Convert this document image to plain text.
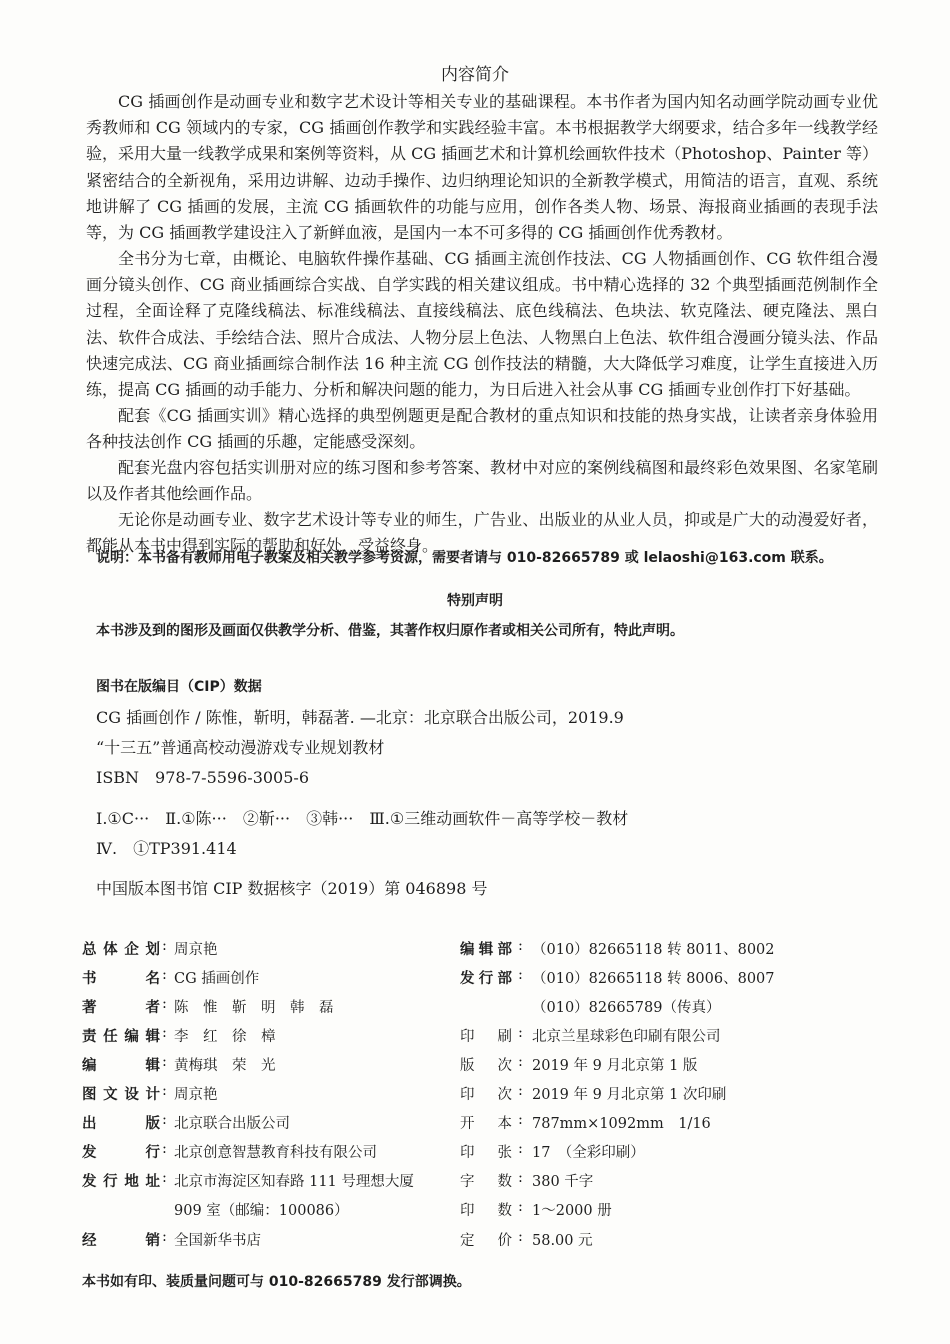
内容简介

CG 插画创作是动画专业和数字艺术设计等相关专业的基础课程。本书作者为国内知名动画学院动画专业优秀教师和 CG 领域内的专家，CG 插画创作教学和实践经验丰富。本书根据教学大纲要求，结合多年一线教学经验，采用大量一线教学成果和案例等资料，从 CG 插画艺术和计算机绘画软件技术（Photoshop、Painter 等）紧密结合的全新视角，采用边讲解、边动手操作、边归纳理论知识的全新教学模式，用简洁的语言，直观、系统地讲解了 CG 插画的发展，主流 CG 插画软件的功能与应用，创作各类人物、场景、海报商业插画的表现手法等，为 CG 插画教学建设注入了新鲜血液，是国内一本不可多得的 CG 插画创作优秀教材。

全书分为七章，由概论、电脑软件操作基础、CG 插画主流创作技法、CG 人物插画创作、CG 软件组合漫画分镜头创作、CG 商业插画综合实战、自学实践的相关建议组成。书中精心选择的 32 个典型插画范例制作全过程，全面诠释了克隆线稿法、标准线稿法、直接线稿法、底色线稿法、色块法、软克隆法、硬克隆法、黑白法、软件合成法、手绘结合法、照片合成法、人物分层上色法、人物黑白上色法、软件组合漫画分镜头法、作品快速完成法、CG 商业插画综合制作法 16 种主流 CG 创作技法的精髓，大大降低学习难度，让学生直接进入历练，提高 CG 插画的动手能力、分析和解决问题的能力，为日后进入社会从事 CG 插画专业创作打下好基础。

配套《CG 插画实训》精心选择的典型例题更是配合教材的重点知识和技能的热身实战，让读者亲身体验用各种技法创作 CG 插画的乐趣，定能感受深刻。

配套光盘内容包括实训册对应的练习图和参考答案、教材中对应的案例线稿图和最终彩色效果图、名家笔刷以及作者其他绘画作品。

无论你是动画专业、数字艺术设计等专业的师生，广告业、出版业的从业人员，抑或是广大的动漫爱好者，都能从本书中得到实际的帮助和好处，受益终身。

说明：本书备有教师用电子教案及相关教学参考资源，需要者请与 010-82665789 或 lelaoshi@163.com 联系。
特别声明
本书涉及到的图形及画面仅供教学分析、借鉴，其著作权归原作者或相关公司所有，特此声明。
图书在版编目（CIP）数据
CG 插画创作 / 陈惟，靳明，韩磊著. —北京：北京联合出版公司，2019.9
“十三五”普通高校动漫游戏专业规划教材
ISBN　978-7-5596-3005-6
Ⅰ.①C···　Ⅱ.①陈···　②靳···　③韩···　Ⅲ.①三维动画软件－高等学校－教材
Ⅳ.　①TP391.414
中国版本图书馆 CIP 数据核字（2019）第 046898 号
总体企划 : 周京艳
书名 : CG 插画创作
著者 : 陈　惟　靳　明　韩　磊
责任编辑 : 李　红　徐　樟
编辑 : 黄梅琪　荣　光
图文设计 : 周京艳
出版 : 北京联合出版公司
发行 : 北京创意智慧教育科技有限公司
发行地址 : 北京市海淀区知春路 111 号理想大厦
909 室（邮编：100086）
经销 : 全国新华书店
编辑部 : （010）82665118 转 8011、8002
发行部 : （010）82665118 转 8006、8007
（010）82665789（传真）
印刷 : 北京兰星球彩色印刷有限公司
版次 : 2019 年 9 月北京第 1 版
印次 : 2019 年 9 月北京第 1 次印刷
开本 : 787mm×1092mm　1/16
印张 : 17　（全彩印刷）
字数 : 380 千字
印数 : 1～2000 册
定价 : 58.00 元
本书如有印、装质量问题可与 010-82665789 发行部调换。
